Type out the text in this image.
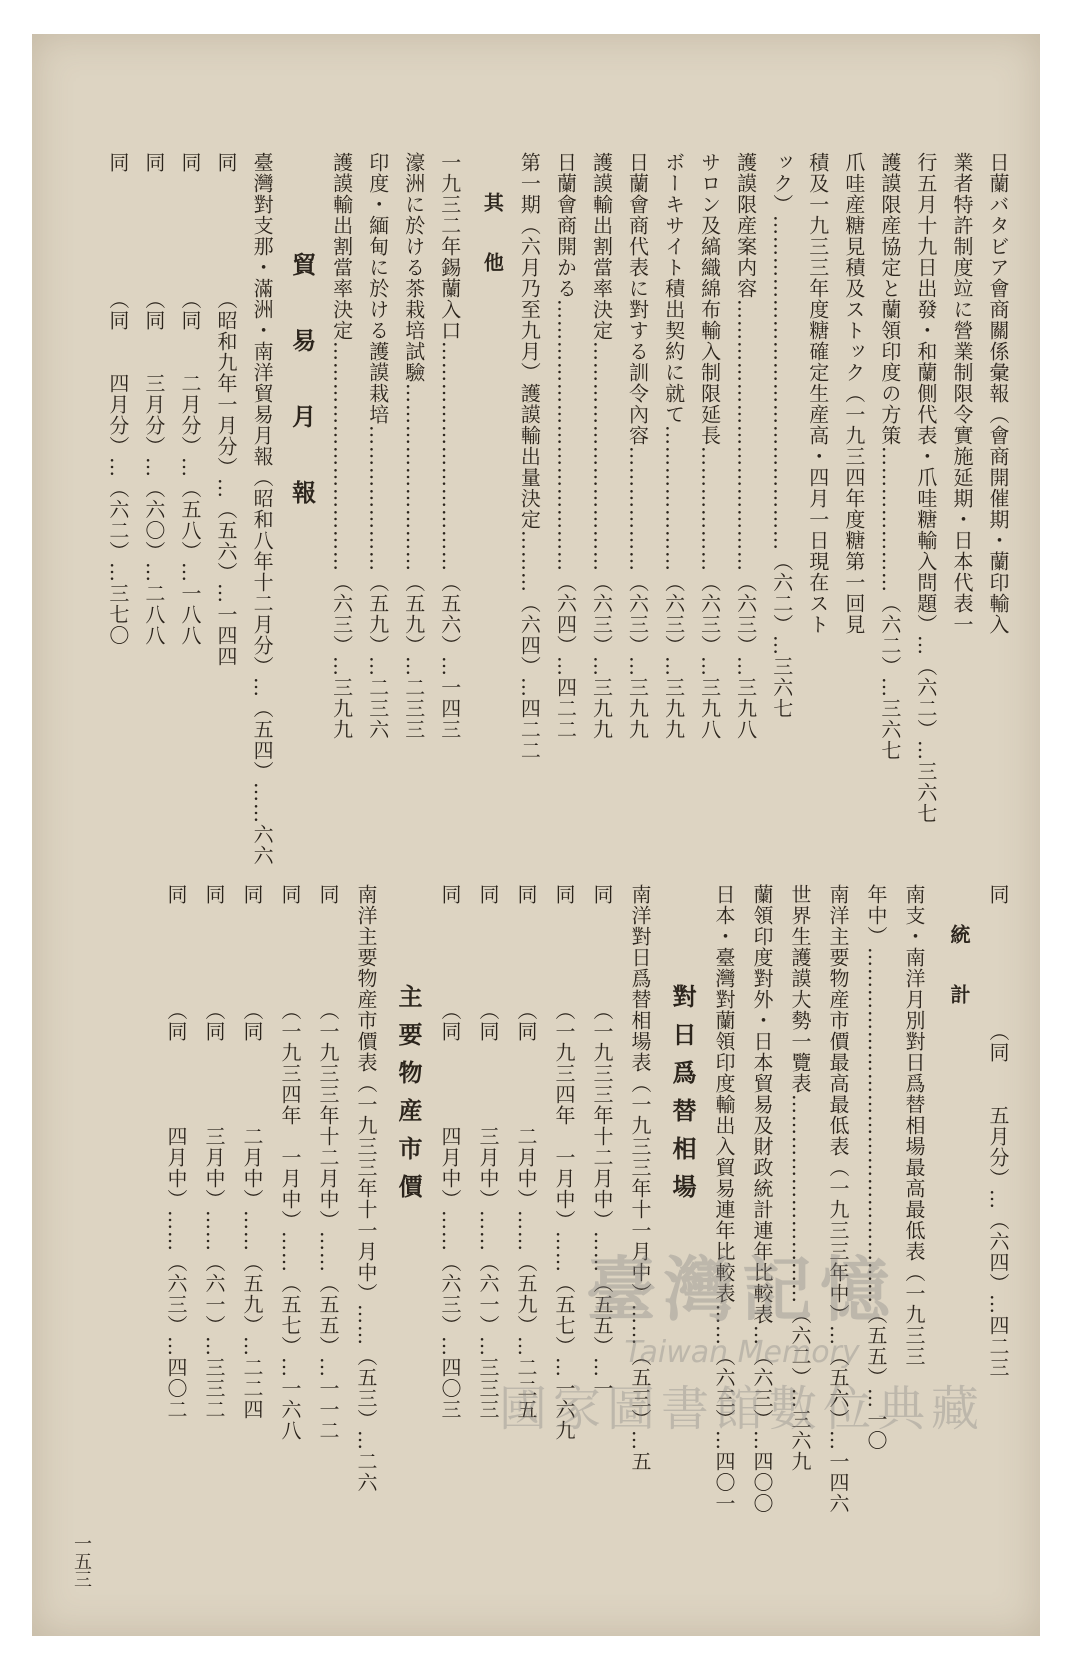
日蘭バタビア會商關係彙報（會商開催期・蘭印輸入
業者特許制度竝に營業制限令實施延期・日本代表一
行五月十九日出發・和蘭側代表・爪哇糖輸入問題）…（六二）…三六七
護謨限産協定と蘭領印度の方策…………………（六二）…三六七
爪哇産糖見積及ストック（一九三四年度糖第一回見
積及一九三三年度糖確定生産高・四月一日現在スト
ック）…………………………………………（六二）…三六七
護謨限産案内容…………………………………（六三）…三九八
サロン及縞織綿布輸入制限延長………………（六三）…三九八
ボーキサイト積出契約に就て…………………（六三）…三九九
日蘭會商代表に對する訓令內容………………（六三）…三九九
護謨輸出割當率決定……………………………（六三）…三九九
日蘭會商開かる…………………………………（六四）…四二二
第一期（六月乃至九月）護謨輸出量決定………（六四）…四二二
其　他
一九三二年錫蘭入口……………………………（五六）…一四三
濠洲に於ける茶栽培試驗………………………（五九）…二三三
印度・緬甸に於ける護謨栽培…………………（五九）…二三六
護謨輸出割當率決定……………………………（六三）…三九九
貿　易　月　報
臺灣對支那・滿洲・南洋貿易月報（昭和八年十二月分）…（五四）……六六
同　　　　　　（昭和九年一月分）…（五六）…一四四
同　　　　　　（同　　二月分）…（五八）…一八八
同　　　　　　（同　　三月分）…（六〇）…二八八
同　　　　　　（同　　四月分）…（六二）…三七〇
同　　　　　　（同　　五月分）…（六四）…四二三
統　計
南支・南洋月別對日爲替相場最高最低表（一九三三
年中）……………………………………………（五五）…一〇
南洋主要物産市價最高最低表（一九三三年中）…（五六）…一四六
世界生護謨大勢一覽表…………………………（六二）…三六九
蘭領印度對外・日本貿易及財政統計連年比較表…（六三）…四〇〇
日本・臺灣對蘭領印度輸出入貿易連年比較表……（六三）…四〇一
對日爲替相場
南洋對日爲替相場表（一九三三年十一月中）……（五三）…五
同　　　　　（一九三三年十二月中）……（五五）…一
同　　　　　（一九三四年　一月中）……（五七）…一六九
同　　　　　（同　　　　二月中）……（五九）…二二五
同　　　　　（同　　　　三月中）……（六一）…三三三
同　　　　　（同　　　　四月中）……（六三）…四〇三
主要物産市價
南洋主要物産市價表（一九三三年十一月中）……（五三）…二六
同　　　　　（一九三三年十二月中）……（五五）…一一二
同　　　　　（一九三四年　一月中）……（五七）…一六八
同　　　　　（同　　　　二月中）……（五九）…二二四
同　　　　　（同　　　　三月中）……（六一）…三三二
同　　　　　（同　　　　四月中）……（六三）…四〇二
一五三
臺灣記憶
Taiwan Memory
國家圖書館數位典藏
